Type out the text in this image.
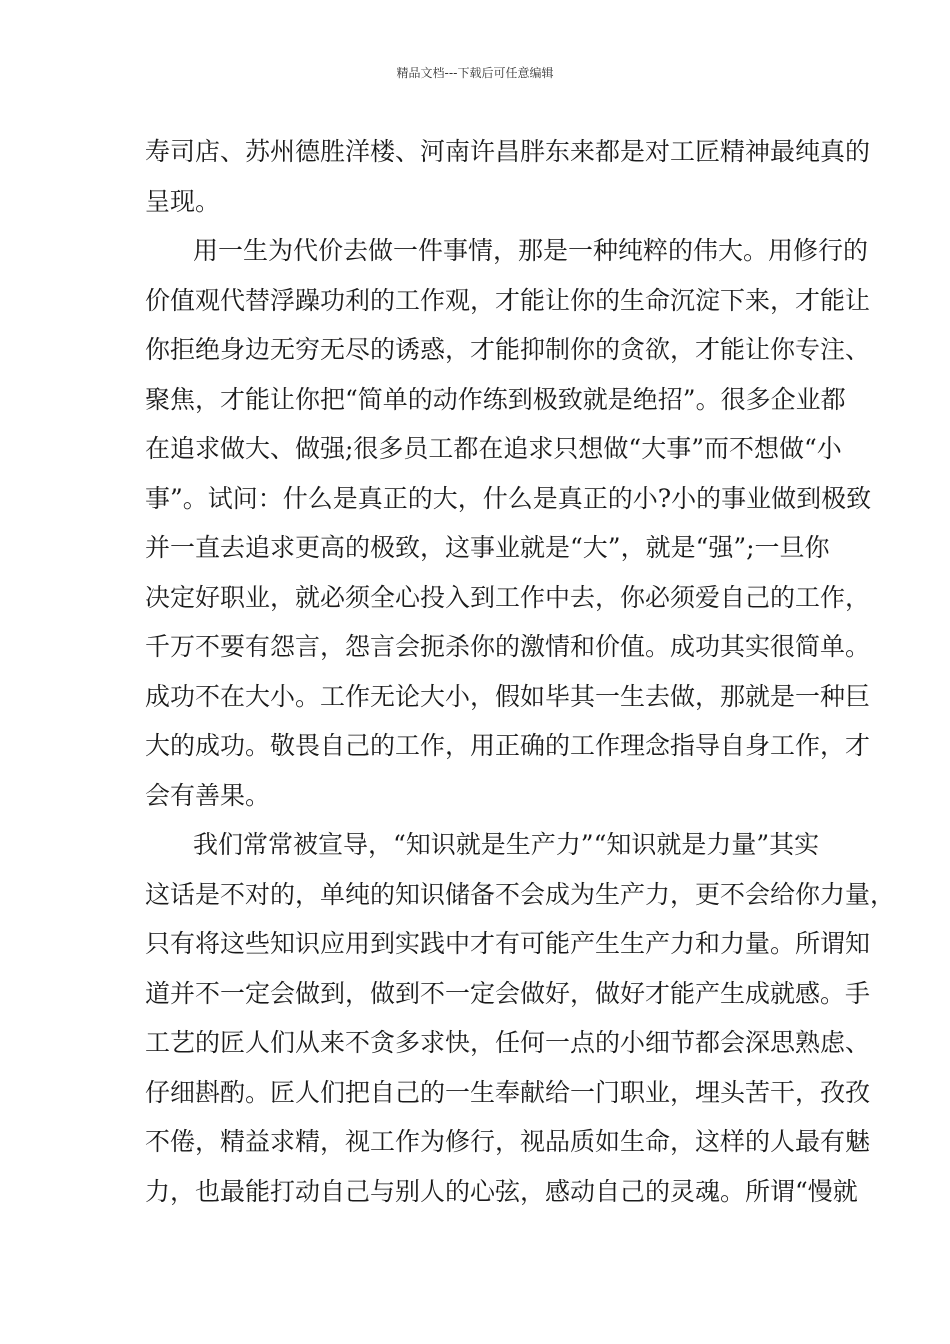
精品文档---下载后可任意编辑
寿司店、苏州德胜洋楼、河南许昌胖东来都是对工匠精神最纯真的
呈现。
用一生为代价去做一件事情，那是一种纯粹的伟大。用修行的
价值观代替浮躁功利的工作观，才能让你的生命沉淀下来，才能让
你拒绝身边无穷无尽的诱惑，才能抑制你的贪欲，才能让你专注、
聚焦，才能让你把“简单的动作练到极致就是绝招”。很多企业都
在追求做大、做强;很多员工都在追求只想做“大事”而不想做“小
事”。试问：什么是真正的大，什么是真正的小?小的事业做到极致
并一直去追求更高的极致，这事业就是“大”，就是“强”;一旦你
决定好职业，就必须全心投入到工作中去，你必须爱自己的工作，
千万不要有怨言，怨言会扼杀你的激情和价值。成功其实很简单。
成功不在大小。工作无论大小，假如毕其一生去做，那就是一种巨
大的成功。敬畏自己的工作，用正确的工作理念指导自身工作，才
会有善果。
我们常常被宣导，“知识就是生产力”“知识就是力量”其实
这话是不对的，单纯的知识储备不会成为生产力，更不会给你力量，
只有将这些知识应用到实践中才有可能产生生产力和力量。所谓知
道并不一定会做到，做到不一定会做好，做好才能产生成就感。手
工艺的匠人们从来不贪多求快，任何一点的小细节都会深思熟虑、
仔细斟酌。匠人们把自己的一生奉献给一门职业，埋头苦干，孜孜
不倦，精益求精，视工作为修行，视品质如生命，这样的人最有魅
力，也最能打动自己与别人的心弦，感动自己的灵魂。所谓“慢就
